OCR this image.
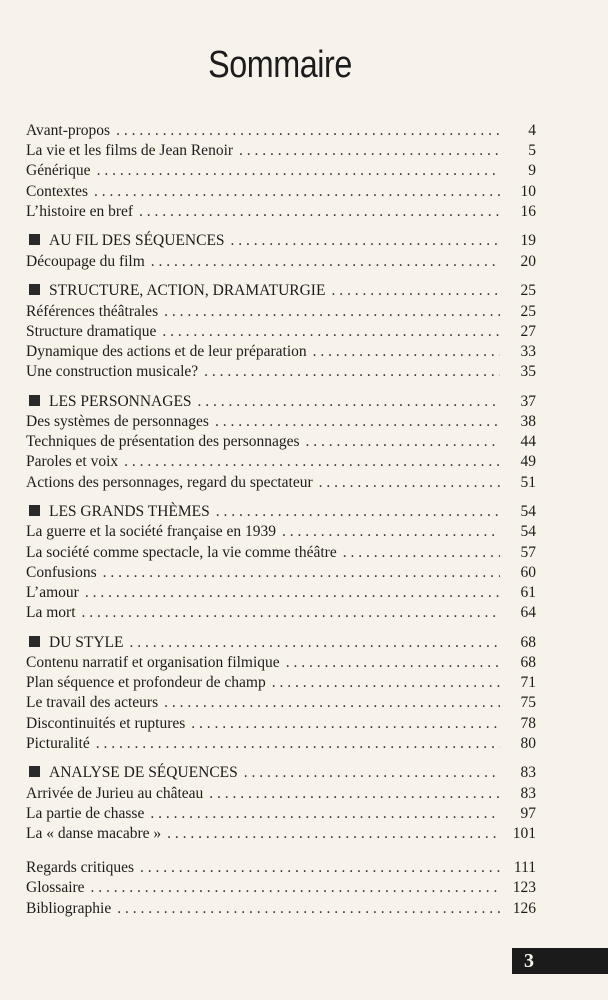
Sommaire
Avant-propos . . .	4
La vie et les films de Jean Renoir . . .	5
Générique . . .	9
Contextes . . .	10
L’histoire en bref . . .	16
AU FIL DES SÉQUENCES . . .	19
Découpage du film . . .	20
STRUCTURE, ACTION, DRAMATURGIE . . .	25
Références théâtrales . . .	25
Structure dramatique . . .	27
Dynamique des actions et de leur préparation . . .	33
Une construction musicale? . . .	35
LES PERSONNAGES . . .	37
Des systèmes de personnages . . .	38
Techniques de présentation des personnages . . .	44
Paroles et voix . . .	49
Actions des personnages, regard du spectateur . . .	51
LES GRANDS THÈMES . . .	54
La guerre et la société française en 1939 . . .	54
La société comme spectacle, la vie comme théâtre . . .	57
Confusions . . .	60
L’amour . . .	61
La mort . . .	64
DU STYLE . . .	68
Contenu narratif et organisation filmique . . .	68
Plan séquence et profondeur de champ . . .	71
Le travail des acteurs . . .	75
Discontinuités et ruptures . . .	78
Picturalité . . .	80
ANALYSE DE SÉQUENCES . . .	83
Arrivée de Jurieu au château . . .	83
La partie de chasse . . .	97
La « danse macabre » . . .	101
Regards critiques . . .	111
Glossaire . . .	123
Bibliographie . . .	126
3
